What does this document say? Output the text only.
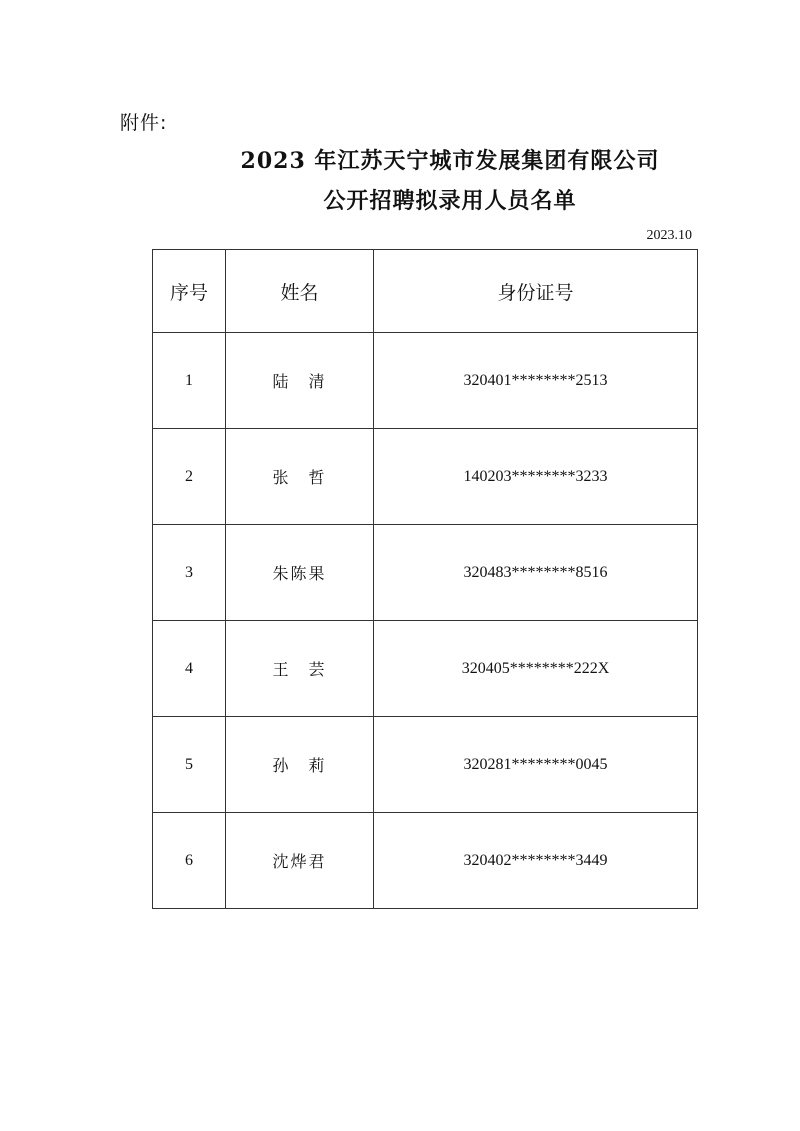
附件:
2023 年江苏天宁城市发展集团有限公司
公开招聘拟录用人员名单
2023.10
序号	姓名	身份证号
1	陆　清	320401********2513
2	张　哲	140203********3233
3	朱陈果	320483********8516
4	王　芸	320405********222X
5	孙　莉	320281********0045
6	沈烨君	320402********3449
